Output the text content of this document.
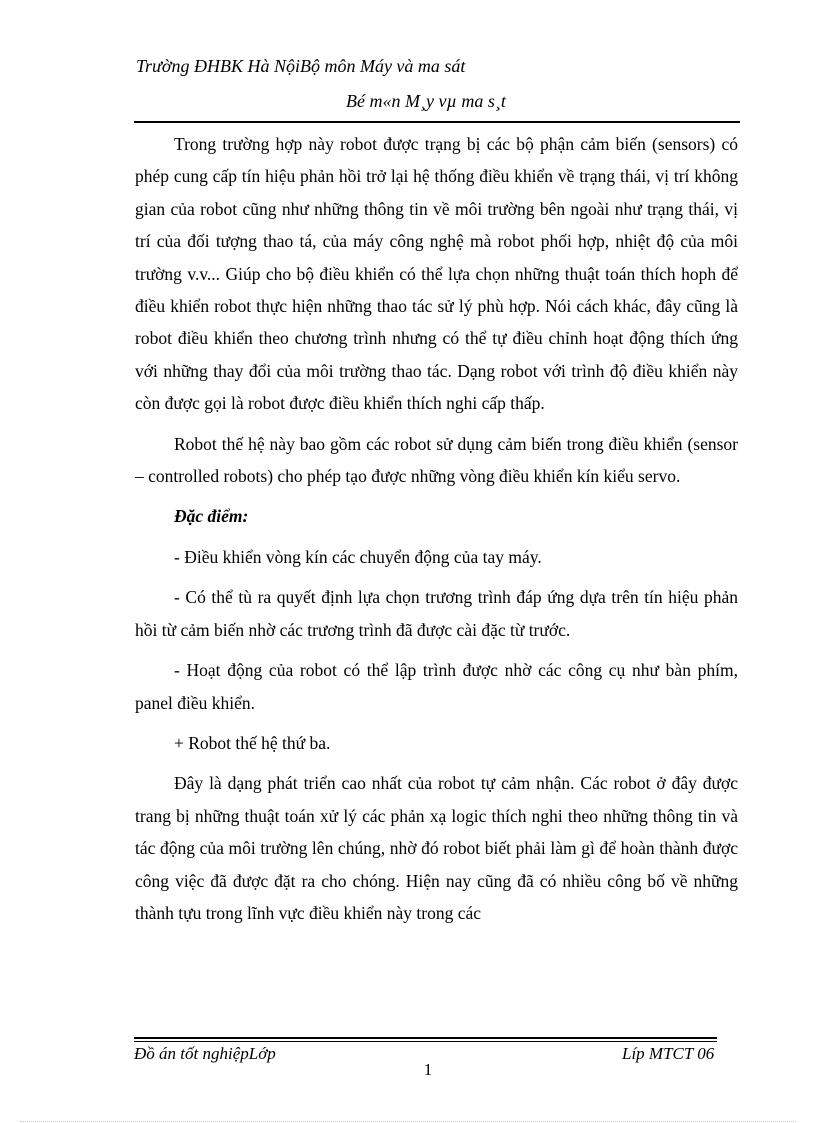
Trường ĐHBK Hà NộiBộ môn Máy và ma sát
Bé m«n M¸y vµ ma s¸t

Trong trường hợp này robot được trạng bị các bộ phận cảm biến (sensors) có phép cung cấp tín hiệu phản hồi trở lại hệ thống điều khiển về trạng thái, vị trí không gian của robot cũng như những thông tin về môi trường bên ngoài như trạng thái, vị trí của đối tượng thao tá, của máy công nghệ mà robot phối hợp, nhiệt độ của môi trường v.v... Giúp cho bộ điều khiển có thể lựa chọn những thuật toán thích hoph để điều khiển robot thực hiện những thao tác sử lý phù hợp. Nói cách khác, đây cũng là robot điều khiển theo chương trình nhưng có thể tự điều chỉnh hoạt động thích ứng với những thay đổi của môi trường thao tác. Dạng robot với trình độ điều khiển này còn được gọi là robot được điều khiển thích nghi cấp thấp.

Robot thế hệ này bao gồm các robot sử dụng cảm biến trong điều khiển (sensor – controlled robots) cho phép tạo được những vòng điều khiển kín kiểu servo.

Đặc điểm:

- Điều khiển vòng kín các chuyển động của tay máy.

- Có thể tù ra quyết định lựa chọn trương trình đáp ứng dựa trên tín hiệu phản hồi từ cảm biến nhờ các trương trình đã được cài đặc từ trước.

- Hoạt động của robot có thể lập trình được nhờ các công cụ như bàn phím, panel điều khiển.

+ Robot thế hệ thứ ba.

Đây là dạng phát triển cao nhất của robot tự cảm nhận. Các robot ở đây được trang bị những thuật toán xử lý các phản xạ logic thích nghi theo những thông tin và tác động của môi trường lên chúng, nhờ đó robot biết phải làm gì để hoàn thành được công việc đã được đặt ra cho chóng. Hiện nay cũng đã có nhiều công bố về những thành tựu trong lĩnh vực điều khiển này trong các

Đồ án tốt nghiệpLớp	Líp MTCT 06
1
